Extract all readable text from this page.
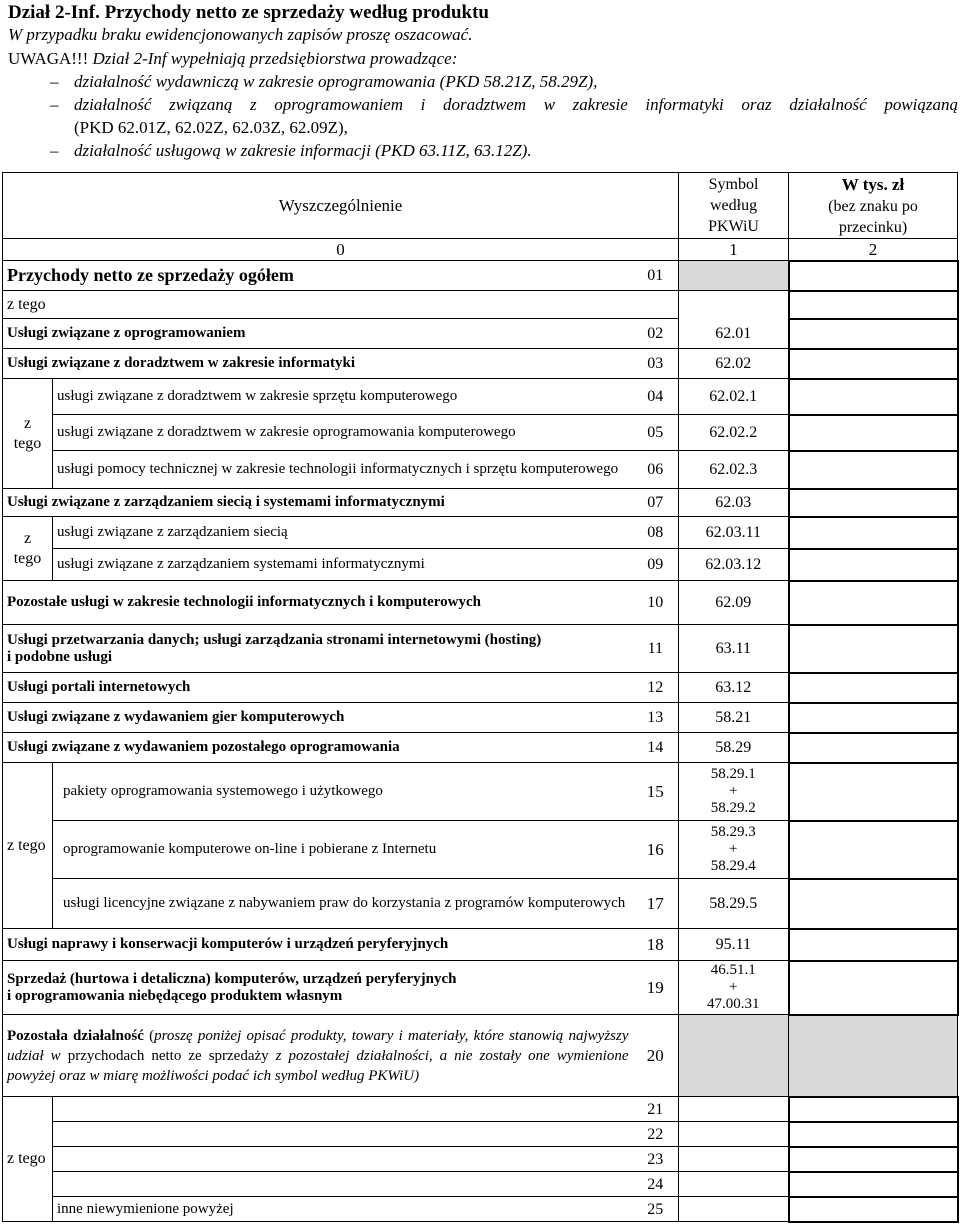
Dział 2-Inf. Przychody netto ze sprzedaży według produktu
W przypadku braku ewidencjonowanych zapisów proszę oszacować.
UWAGA!!! Dział 2-Inf wypełniają przedsiębiorstwa prowadzące:
– działalność wydawniczą w zakresie oprogramowania (PKD 58.21Z, 58.29Z),
– działalność związaną z oprogramowaniem i doradztwem w zakresie informatyki oraz działalność powiązaną
(PKD 62.01Z, 62.02Z, 62.03Z, 62.09Z),
– działalność usługową w zakresie informacji (PKD 63.11Z, 63.12Z).
Wyszczególnienie			Symbol
według
PKWiU	W tys. zł
(bez znaku po
przecinku)
0			1	2
Przychody netto ze sprzedaży ogółem		01		
z tego				
Usługi związane z oprogramowaniem		02	62.01	
Usługi związane z doradztwem w zakresie informatyki		03	62.02	
z
tego	usługi związane z doradztwem w zakresie sprzętu komputerowego	04	62.02.1	
	usługi związane z doradztwem w zakresie oprogramowania komputerowego	05	62.02.2	
	usługi pomocy technicznej w zakresie technologii informatycznych i sprzętu komputerowego	06	62.02.3	
Usługi związane z zarządzaniem siecią i systemami informatycznymi		07	62.03	
z
tego	usługi związane z zarządzaniem siecią	08	62.03.11	
	usługi związane z zarządzaniem systemami informatycznymi	09	62.03.12	
Pozostałe usługi w zakresie technologii informatycznych i komputerowych		10	62.09	
Usługi przetwarzania danych; usługi zarządzania stronami internetowymi (hosting)
i podobne usługi		11	63.11	
Usługi portali internetowych		12	63.12	
Usługi związane z wydawaniem gier komputerowych		13	58.21	
Usługi związane z wydawaniem pozostałego oprogramowania		14	58.29	
z tego	pakiety oprogramowania systemowego i użytkowego	15	58.29.1
+
58.29.2	
	oprogramowanie komputerowe on-line i pobierane z Internetu	16	58.29.3
+
58.29.4	
	usługi licencyjne związane z nabywaniem praw do korzystania z programów komputerowych	17	58.29.5	
Usługi naprawy i konserwacji komputerów i urządzeń peryferyjnych		18	95.11	
Sprzedaż (hurtowa i detaliczna) komputerów, urządzeń peryferyjnych
i oprogramowania niebędącego produktem własnym		19	46.51.1
+
47.00.31	
Pozostała działalność (proszę poniżej opisać produkty, towary i materiały, które stanowią najwyższy udział w przychodach netto ze sprzedaży z pozostałej działalności, a nie zostały one wymienione powyżej oraz w miarę możliwości podać ich symbol według PKWiU)		20		
z tego		21		
		22		
		23		
		24		
	inne niewymienione powyżej	25		
